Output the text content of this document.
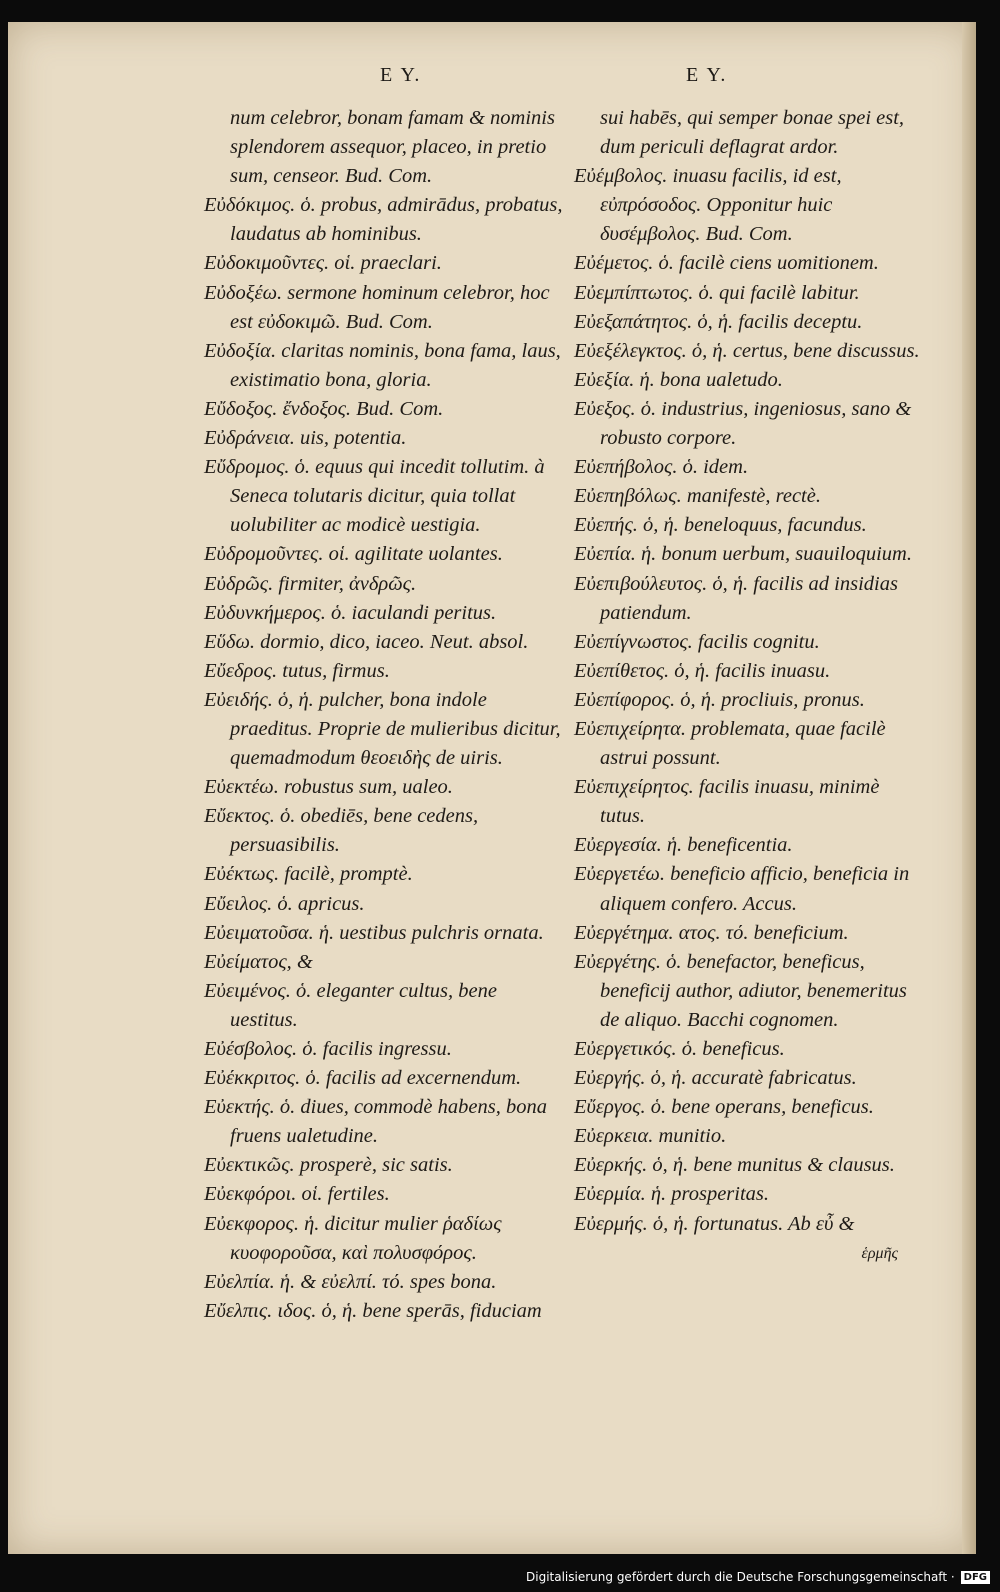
E Y.	E Y.

num celebror, bonam famam & nominis splendorem assequor, placeo, in pretio sum, censeor. Bud. Com.

Εὐδόκιμος. ὁ. probus, admirādus, probatus, laudatus ab hominibus.

Εὐδοκιμοῦντες. οἱ. praeclari.

Εὐδοξέω. sermone hominum celebror, hoc est εὐδοκιμῶ. Bud. Com.

Εὐδοξία. claritas nominis, bona fama, laus, existimatio bona, gloria.

Εὔδοξος. ἔνδοξος. Bud. Com.

Εὐδράνεια. uis, potentia.

Εὔδρομος. ὁ. equus qui incedit tollutim. à Seneca tolutaris dicitur, quia tollat uolubiliter ac modicè uestigia.

Εὐδρομοῦντες. οἱ. agilitate uolantes.

Εὐδρῶς. firmiter, ἀνδρῶς.

Εὐδυνκήμερος. ὁ. iaculandi peritus.

Εὕδω. dormio, dico, iaceo. Neut. absol.

Εὔεδρος. tutus, firmus.

Εὐειδής. ὁ, ἡ. pulcher, bona indole praeditus. Proprie de mulieribus dicitur, quemadmodum θεοειδὴς de uiris.

Εὐεκτέω. robustus sum, ualeo.

Εὔεκτος. ὁ. obediēs, bene cedens, persuasibilis.

Εὐέκτως. facilè, promptè.

Εὔειλος. ὁ. apricus.

Εὐειματοῦσα. ἡ. uestibus pulchris ornata.

Εὐείματος, &

Εὐειμένος. ὁ. eleganter cultus, bene uestitus.

Εὐέσβολος. ὁ. facilis ingressu.

Εὐέκκριτος. ὁ. facilis ad excernendum.

Εὐεκτής. ὁ. diues, commodè habens, bona fruens ualetudine.

Εὐεκτικῶς. prosperè, sic satis.

Εὐεκφόροι. οἱ. fertiles.

Εὐεκφορος. ἡ. dicitur mulier ῥαδίως κυοφοροῦσα, καὶ πολυσφόρος.

Εὐελπία. ἡ. & εὐελπί. τό. spes bona.

Εὔελπις. ιδος. ὁ, ἡ. bene sperās, fiduciam

sui habēs, qui semper bonae spei est, dum periculi deflagrat ardor.

Εὐέμβολος. inuasu facilis, id est, εὐπρόσοδος. Opponitur huic δυσέμβολος. Bud. Com.

Εὐέμετος. ὁ. facilè ciens uomitionem.

Εὐεμπίπτωτος. ὁ. qui facilè labitur.

Εὐεξαπάτητος. ὁ, ἡ. facilis deceptu.

Εὐεξέλεγκτος. ὁ, ἡ. certus, bene discussus.

Εὐεξία. ἡ. bona ualetudo.

Εὐεξος. ὁ. industrius, ingeniosus, sano & robusto corpore.

Εὐεπήβολος. ὁ. idem.

Εὐεπηβόλως. manifestè, rectè.

Εὐεπής. ὁ, ἡ. beneloquus, facundus.

Εὐεπία. ἡ. bonum uerbum, suauiloquium.

Εὐεπιβούλευτος. ὁ, ἡ. facilis ad insidias patiendum.

Εὐεπίγνωστος. facilis cognitu.

Εὐεπίθετος. ὁ, ἡ. facilis inuasu.

Εὐεπίφορος. ὁ, ἡ. procliuis, pronus.

Εὐεπιχείρητα. problemata, quae facilè astrui possunt.

Εὐεπιχείρητος. facilis inuasu, minimè tutus.

Εὐεργεσία. ἡ. beneficentia.

Εὐεργετέω. beneficio afficio, beneficia in aliquem confero. Accus.

Εὐεργέτημα. ατος. τό. beneficium.

Εὐεργέτης. ὁ. benefactor, beneficus, beneficij author, adiutor, benemeritus de aliquo. Bacchi cognomen.

Εὐεργετικός. ὁ. beneficus.

Εὐεργής. ὁ, ἡ. accuratè fabricatus.

Εὔεργος. ὁ. bene operans, beneficus.

Εὐερκεια. munitio.

Εὐερκής. ὁ, ἡ. bene munitus & clausus.

Εὐερμία. ἡ. prosperitas.

Εὐερμής. ὁ, ἡ. fortunatus. Ab εὖ &

ἑρμῆς
Digitalisierung gefördert durch die Deutsche Forschungsgemeinschaft · DFG
